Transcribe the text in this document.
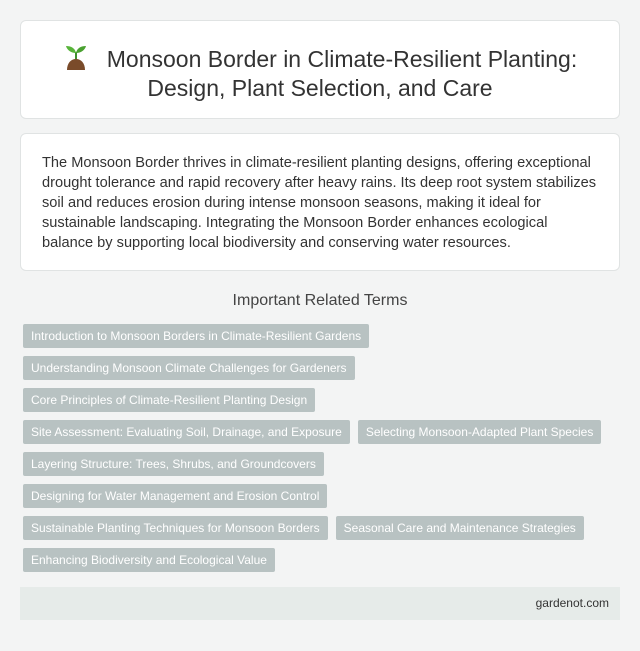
Monsoon Border in Climate-Resilient Planting:
Design, Plant Selection, and Care

The Monsoon Border thrives in climate-resilient planting designs, offering exceptional drought tolerance and rapid recovery after heavy rains. Its deep root system stabilizes soil and reduces erosion during intense monsoon seasons, making it ideal for sustainable landscaping. Integrating the Monsoon Border enhances ecological balance by supporting local biodiversity and conserving water resources.

Important Related Terms
Introduction to Monsoon Borders in Climate-Resilient Gardens
Understanding Monsoon Climate Challenges for Gardeners
Core Principles of Climate-Resilient Planting Design
Site Assessment: Evaluating Soil, Drainage, and Exposure	Selecting Monsoon-Adapted Plant Species
Layering Structure: Trees, Shrubs, and Groundcovers
Designing for Water Management and Erosion Control
Sustainable Planting Techniques for Monsoon Borders	Seasonal Care and Maintenance Strategies
Enhancing Biodiversity and Ecological Value
gardenot.com
